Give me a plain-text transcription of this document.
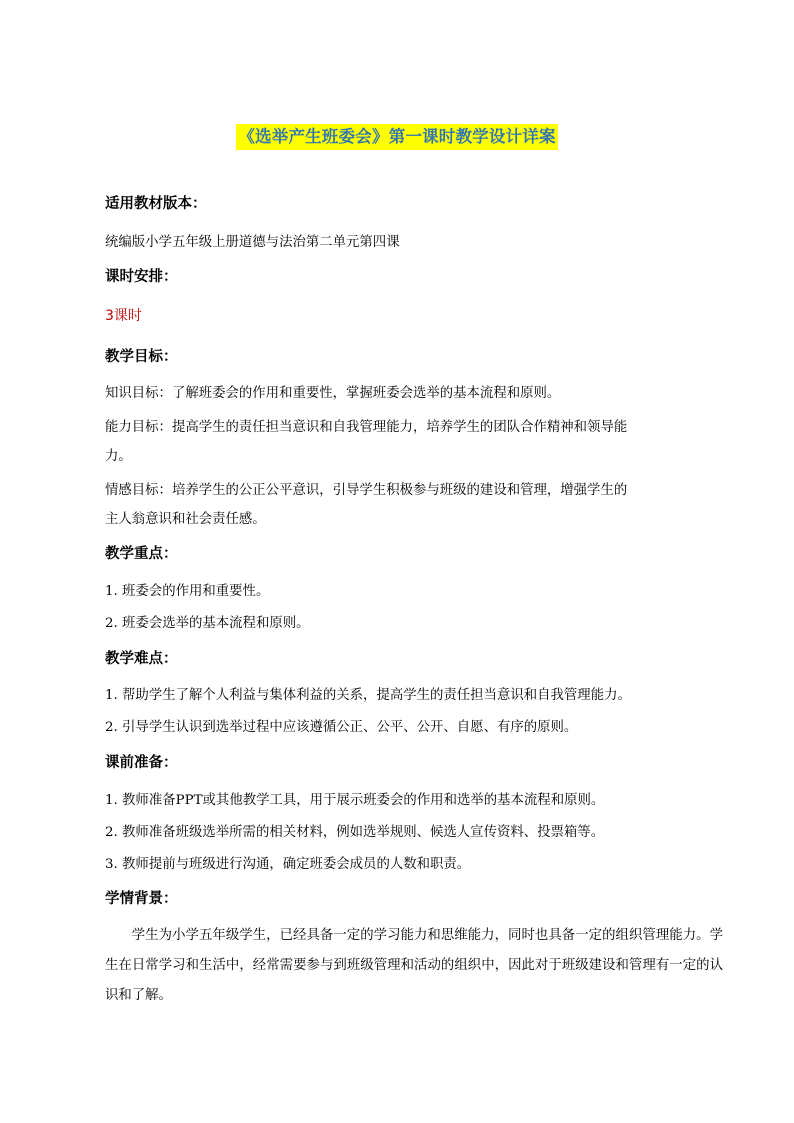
《选举产生班委会》第一课时教学设计详案
适用教材版本：
统编版小学五年级上册道德与法治第二单元第四课
课时安排：
3课时
教学目标：
知识目标：了解班委会的作用和重要性，掌握班委会选举的基本流程和原则。
能力目标：提高学生的责任担当意识和自我管理能力，培养学生的团队合作精神和领导能
力。
情感目标：培养学生的公正公平意识，引导学生积极参与班级的建设和管理，增强学生的
主人翁意识和社会责任感。
教学重点：
1. 班委会的作用和重要性。
2. 班委会选举的基本流程和原则。
教学难点：
1. 帮助学生了解个人利益与集体利益的关系，提高学生的责任担当意识和自我管理能力。
2. 引导学生认识到选举过程中应该遵循公正、公平、公开、自愿、有序的原则。
课前准备：
1. 教师准备PPT或其他教学工具，用于展示班委会的作用和选举的基本流程和原则。
2. 教师准备班级选举所需的相关材料，例如选举规则、候选人宣传资料、投票箱等。
3. 教师提前与班级进行沟通，确定班委会成员的人数和职责。
学情背景：
学生为小学五年级学生，已经具备一定的学习能力和思维能力，同时也具备一定的组织管理能力。学生在日常学习和生活中，经常需要参与到班级管理和活动的组织中，因此对于班级建设和管理有一定的认识和了解。
